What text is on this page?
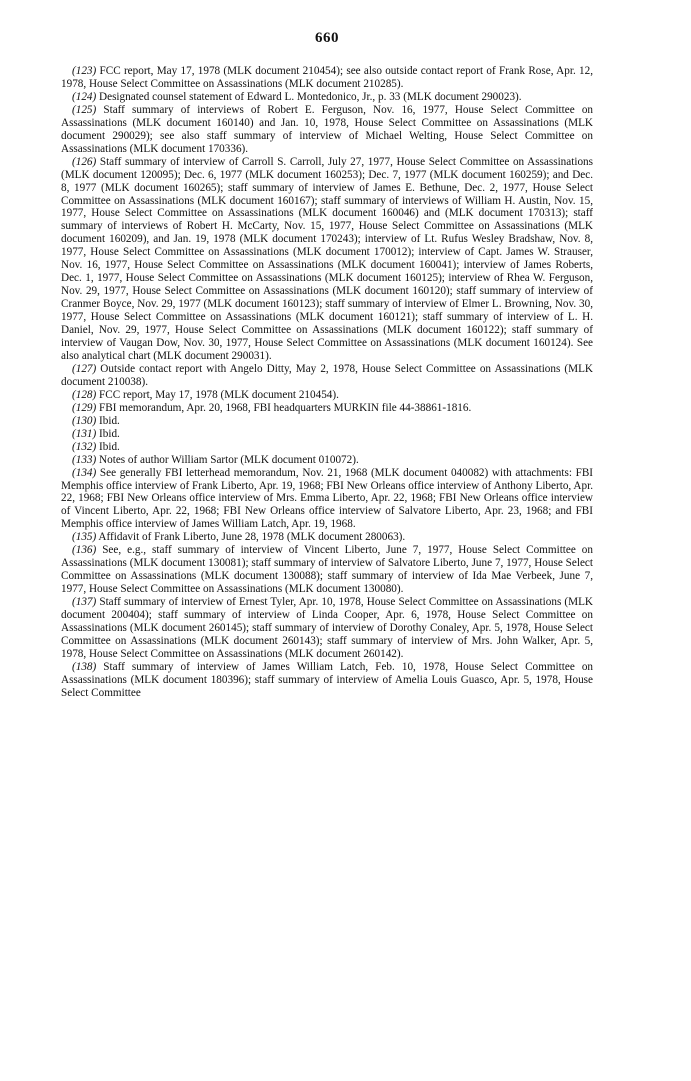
660

(123) FCC report, May 17, 1978 (MLK document 210454); see also outside contact report of Frank Rose, Apr. 12, 1978, House Select Committee on Assassinations (MLK document 210285).

(124) Designated counsel statement of Edward L. Montedonico, Jr., p. 33 (MLK document 290023).

(125) Staff summary of interviews of Robert E. Ferguson, Nov. 16, 1977, House Select Committee on Assassinations (MLK document 160140) and Jan. 10, 1978, House Select Committee on Assassinations (MLK document 290029); see also staff summary of interview of Michael Welting, House Select Committee on Assassinations (MLK document 170336).

(126) Staff summary of interview of Carroll S. Carroll, July 27, 1977, House Select Committee on Assassinations (MLK document 120095); Dec. 6, 1977 (MLK document 160253); Dec. 7, 1977 (MLK document 160259); and Dec. 8, 1977 (MLK document 160265); staff summary of interview of James E. Bethune, Dec. 2, 1977, House Select Committee on Assassinations (MLK document 160167); staff summary of interviews of William H. Austin, Nov. 15, 1977, House Select Committee on Assassinations (MLK document 160046) and (MLK document 170313); staff summary of interviews of Robert H. McCarty, Nov. 15, 1977, House Select Committee on Assassinations (MLK document 160209), and Jan. 19, 1978 (MLK document 170243); interview of Lt. Rufus Wesley Bradshaw, Nov. 8, 1977, House Select Committee on Assassinations (MLK document 170012); interview of Capt. James W. Strauser, Nov. 16, 1977, House Select Committee on Assassinations (MLK document 160041); interview of James Roberts, Dec. 1, 1977, House Select Committee on Assassinations (MLK document 160125); interview of Rhea W. Ferguson, Nov. 29, 1977, House Select Committee on Assassinations (MLK document 160120); staff summary of interview of Cranmer Boyce, Nov. 29, 1977 (MLK document 160123); staff summary of interview of Elmer L. Browning, Nov. 30, 1977, House Select Committee on Assassinations (MLK document 160121); staff summary of interview of L. H. Daniel, Nov. 29, 1977, House Select Committee on Assassinations (MLK document 160122); staff summary of interview of Vaugan Dow, Nov. 30, 1977, House Select Committee on Assassinations (MLK document 160124). See also analytical chart (MLK document 290031).

(127) Outside contact report with Angelo Ditty, May 2, 1978, House Select Committee on Assassinations (MLK document 210038).

(128) FCC report, May 17, 1978 (MLK document 210454).

(129) FBI memorandum, Apr. 20, 1968, FBI headquarters MURKIN file 44-38861-1816.

(130) Ibid.

(131) Ibid.

(132) Ibid.

(133) Notes of author William Sartor (MLK document 010072).

(134) See generally FBI letterhead memorandum, Nov. 21, 1968 (MLK document 040082) with attachments: FBI Memphis office interview of Frank Liberto, Apr. 19, 1968; FBI New Orleans office interview of Anthony Liberto, Apr. 22, 1968; FBI New Orleans office interview of Mrs. Emma Liberto, Apr. 22, 1968; FBI New Orleans office interview of Vincent Liberto, Apr. 22, 1968; FBI New Orleans office interview of Salvatore Liberto, Apr. 23, 1968; and FBI Memphis office interview of James William Latch, Apr. 19, 1968.

(135) Affidavit of Frank Liberto, June 28, 1978 (MLK document 280063).

(136) See, e.g., staff summary of interview of Vincent Liberto, June 7, 1977, House Select Committee on Assassinations (MLK document 130081); staff summary of interview of Salvatore Liberto, June 7, 1977, House Select Committee on Assassinations (MLK document 130088); staff summary of interview of Ida Mae Verbeek, June 7, 1977, House Select Committee on Assassinations (MLK document 130080).

(137) Staff summary of interview of Ernest Tyler, Apr. 10, 1978, House Select Committee on Assassinations (MLK document 200404); staff summary of interview of Linda Cooper, Apr. 6, 1978, House Select Committee on Assassinations (MLK document 260145); staff summary of interview of Dorothy Conaley, Apr. 5, 1978, House Select Committee on Assassinations (MLK document 260143); staff summary of interview of Mrs. John Walker, Apr. 5, 1978, House Select Committee on Assassinations (MLK document 260142).

(138) Staff summary of interview of James William Latch, Feb. 10, 1978, House Select Committee on Assassinations (MLK document 180396); staff summary of interview of Amelia Louis Guasco, Apr. 5, 1978, House Select Committee
